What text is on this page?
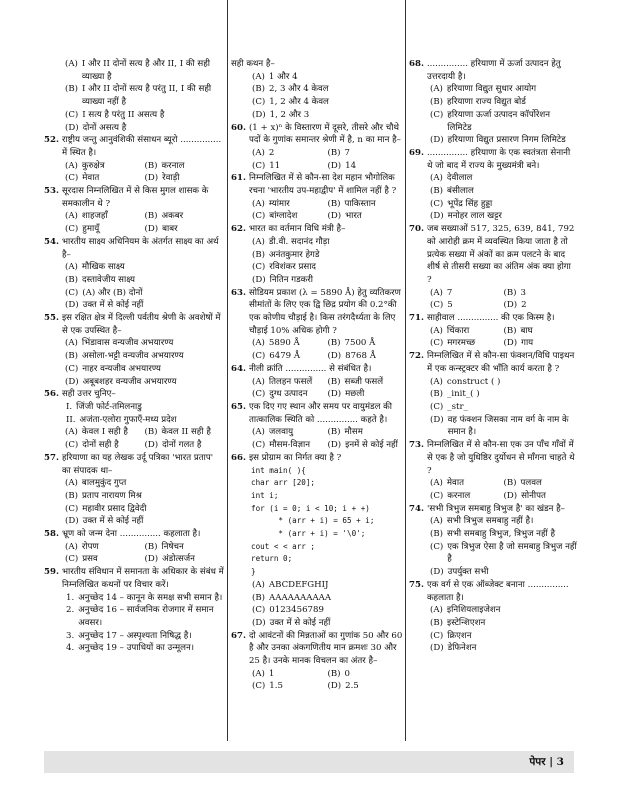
(A) I और II दोनों सत्य है और II, I की सही व्याख्या है
(B) I और II दोनों सत्य है परंतु II, I की सही व्याख्या नहीं है
(C) I सत्य है परंतु II असत्य है
(D) दोनों असत्य है
52. राष्ट्रीय जन्तु आनुवंशिकी संसाधन ब्यूरो ............... में स्थित है।
(A) कुरुक्षेत्र	(B) करनाल
(C) मेवात	(D) रेवाड़ी
53. सूरदास निम्नलिखित में से किस मुगल शासक के समकालीन थे ?
(A) शाहजहाँ	(B) अकबर
(C) हुमायूँ	(D) बाबर
54. भारतीय साक्ष्य अधिनियम के अंतर्गत साक्ष्य का अर्थ है–
(A) मौखिक साक्ष्य
(B) दस्तावेजीय साक्ष्य
(C) (A) और (B) दोनों
(D) उक्त में से कोई नहीं
55. इस रक्षित क्षेत्र में दिल्ली पर्वतीय श्रेणी के अवशेषों में से एक उपस्थित है–
(A) भिंडावास वन्यजीव अभयारण्य
(B) असोला-भट्टी वन्यजीव अभयारण्य
(C) नाहर वन्यजीव अभयारण्य
(D) अबूबशहर वन्यजीव अभयारण्य
56. सही उत्तर चुनिए–
I. जिंजी फोर्ट-तमिलनाडु
II. अजंता-एलोरा गुफाएँ-मध्य प्रदेश
(A) केवल I सही है	(B) केवल II सही है
(C) दोनों सही है	(D) दोनों गलत है
57. हरियाणा का यह लेखक उर्दू पत्रिका 'भारत प्रताप' का संपादक था–
(A) बालमुकुंद गुप्त
(B) प्रताप नारायण मिश्र
(C) महावीर प्रसाद द्विवेदी
(D) उक्त में से कोई नहीं
58. भ्रूण को जन्म देना ............... कहलाता है।
(A) रोपण	(B) निषेचन
(C) प्रसव	(D) अंडोत्सर्जन
59. भारतीय संविधान में समानता के अधिकार के संबंध में निम्नलिखित कथनों पर विचार करें।
1. अनुच्छेद 14 – कानून के समक्ष सभी समान है।
2. अनुच्छेद 16 – सार्वजनिक रोजगार में समान अवसर।
3. अनुच्छेद 17 – अस्पृश्यता निषिद्ध है।
4. अनुच्छेद 19 – उपाधियों का उन्मूलन।
सही कथन है–
(A) 1 और 4
(B) 2, 3 और 4 केवल
(C) 1, 2 और 4 केवल
(D) 1, 2 और 3
60. (1 + x)ⁿ के विस्तारण में दूसरे, तीसरे और चौथे पदों के गुणांक समान्तर श्रेणी में है, n का मान है–
(A) 2	(B) 7
(C) 11	(D) 14
61. निम्नलिखित में से कौन-सा देश महान भौगोलिक रचना 'भारतीय उप-महाद्वीप' में शामिल नहीं है ?
(A) म्यांमार	(B) पाकिस्तान
(C) बांग्लादेश	(D) भारत
62. भारत का वर्तमान विधि मंत्री है–
(A) डी.वी. सदानंद गौड़ा
(B) अनंतकुमार हेगडे
(C) रविशंकर प्रसाद
(D) नितिन गडकरी
63. सोडियम प्रकाश (λ = 5890 Å) हेतु व्यतिकरण सीमांतों के लिए एक द्वि छिद्र प्रयोग की 0.2°की एक कोणीय चौड़ाई है। किस तरंगदैर्ध्यता के लिए चौड़ाई 10% अधिक होगी ?
(A) 5890 Å	(B) 7500 Å
(C) 6479 Å	(D) 8768 Å
64. नीली क्रांति ............... से संबंधित है।
(A) तिलहन फसलें	(B) सब्जी फसलें
(C) दुग्ध उत्पादन	(D) मछली
65. एक दिए गए स्थान और समय पर वायुमंडल की तात्कालिक स्थिति को ............... कहते है।
(A) जलवायु	(B) मौसम
(C) मौसम-विज्ञान	(D) इनमें से कोई नहीं
66. इस प्रोग्राम का निर्गत क्या है ?
int main( ){
char arr [20];
int i;
for (i = 0; i < 10; i + +)
* (arr + i) = 65 + i;
* (arr + i) = '\0';
cout < < arr ;
return 0;
}
(A) ABCDEFGHIJ
(B) AAAAAAAAAA
(C) 0123456789
(D) उक्त में से कोई नहीं
67. दो आवंटनों की मिन्नताओं का गुणांक 50 और 60 है और उनका अंकगणितीय मान क्रमशः 30 और 25 है। उनके मानक विचलन का अंतर है–
(A) 1	(B) 0
(C) 1.5	(D) 2.5
68. ............... हरियाणा में ऊर्जा उत्पादन हेतु उत्तरदायी है।
(A) हरियाणा विद्युत सुधार आयोग
(B) हरियाणा राज्य विद्युत बोर्ड
(C) हरियाणा ऊर्जा उत्पादन कॉर्पोरेशन लिमिटेड
(D) हरियाणा विद्युत प्रसारण निगम लिमिटेड
69. ............... हरियाणा के एक स्वतंत्रता सेनानी थे जो बाद में राज्य के मुख्यमंत्री बने।
(A) देवीलाल
(B) बंसीलाल
(C) भूपेंद्र सिंह हुड्डा
(D) मनोहर लाल खट्टर
70. जब सख्याओं 517, 325, 639, 841, 792 को आरोही क्रम में व्यवस्थित किया जाता है तो प्रत्येक सख्या में अंकों का क्रम पलटने के बाद शीर्ष से तीसरी सख्या का अंतिम अंक क्या होगा ?
(A) 7	(B) 3
(C) 5	(D) 2
71. साहीवाल ............... की एक किस्म है।
(A) चिंकारा	(B) बाघ
(C) मगरमच्छ	(D) गाय
72. निम्नलिखित में से कौन-सा फंक्शन/विधि पाइथन में एक कन्स्ट्रक्टर की भाँति कार्य करता है ?
(A) construct ( )
(B) _init_( )
(C) _str_
(D) वह फंक्शन जिसका नाम वर्ग के नाम के समान है।
73. निम्नलिखित में से कौन-सा एक उन पाँच गाँवों में से एक है जो युधिष्ठिर दुर्योधन से माँगना चाहते थे ?
(A) मेवात	(B) पलवल
(C) करनाल	(D) सोनीपत
74. 'सभी त्रिभुज समबाहु त्रिभुज है' का खंडन है–
(A) सभी त्रिभुज समबाहु नहीं है।
(B) सभी समबाहु त्रिभुज, त्रिभुज नहीं है
(C) एक त्रिभुज ऐसा है जो समबाहु त्रिभुज नहीं है
(D) उपर्युक्त सभी
75. एक वर्ग से एक ऑब्जेक्ट बनाना ............... कहलाता है।
(A) इनिशियलाइजेशन
(B) इस्टेन्शिएशन
(C) क्रिएशन
(D) डेफिनेशन
पेपर | 3
